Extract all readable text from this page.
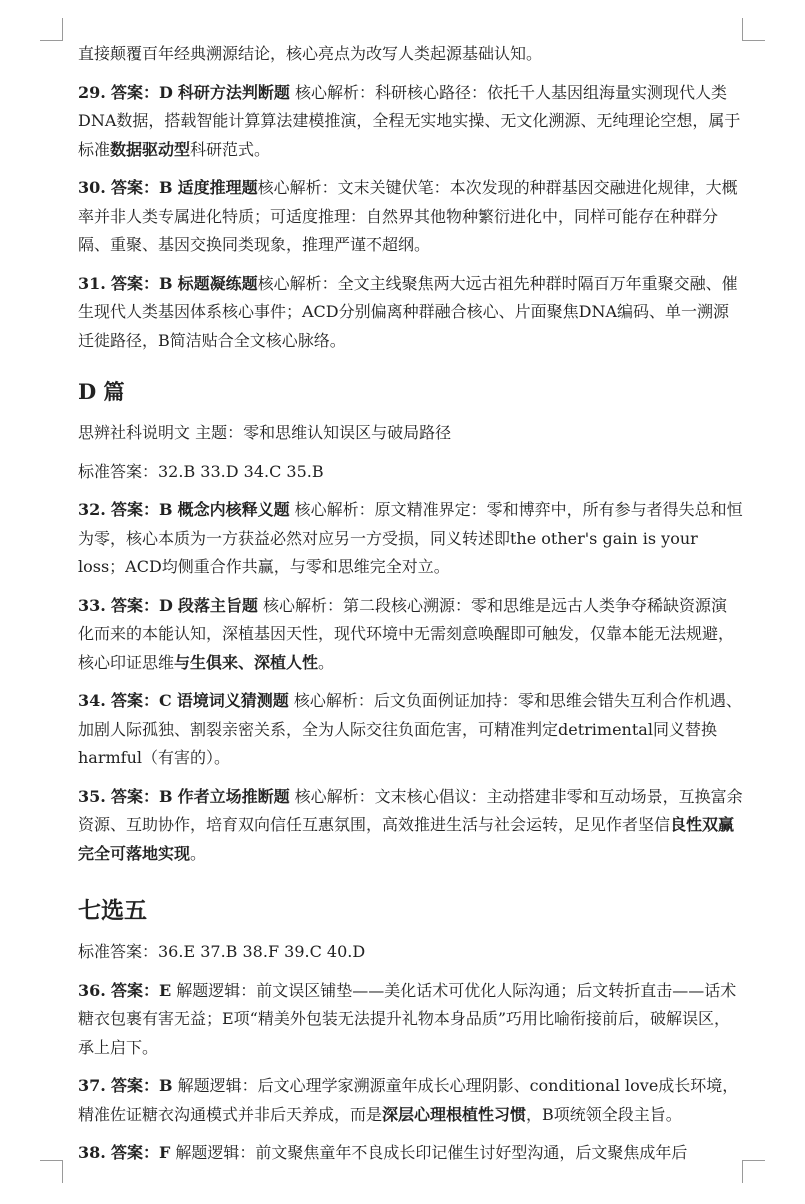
直接颠覆百年经典溯源结论，核心亮点为改写人类起源基础认知。

29. 答案：D 科研方法判断题 核心解析：科研核心路径：依托千人基因组海量实测现代人类DNA数据，搭载智能计算算法建模推演，全程无实地实操、无文化溯源、无纯理论空想，属于标准数据驱动型科研范式。

30. 答案：B 适度推理题核心解析：文末关键伏笔：本次发现的种群基因交融进化规律，大概率并非人类专属进化特质；可适度推理：自然界其他物种繁衍进化中，同样可能存在种群分隔、重聚、基因交换同类现象，推理严谨不超纲。

31. 答案：B 标题凝练题核心解析：全文主线聚焦两大远古祖先种群时隔百万年重聚交融、催生现代人类基因体系核心事件；ACD分别偏离种群融合核心、片面聚焦DNA编码、单一溯源迁徙路径，B简洁贴合全文核心脉络。

D 篇

思辨社科说明文 主题：零和思维认知误区与破局路径

标准答案：32.B 33.D 34.C 35.B

32. 答案：B 概念内核释义题 核心解析：原文精准界定：零和博弈中，所有参与者得失总和恒为零，核心本质为一方获益必然对应另一方受损，同义转述即the other's gain is your loss；ACD均侧重合作共赢，与零和思维完全对立。

33. 答案：D 段落主旨题 核心解析：第二段核心溯源：零和思维是远古人类争夺稀缺资源演化而来的本能认知，深植基因天性，现代环境中无需刻意唤醒即可触发，仅靠本能无法规避，核心印证思维与生俱来、深植人性。

34. 答案：C 语境词义猜测题 核心解析：后文负面例证加持：零和思维会错失互利合作机遇、加剧人际孤独、割裂亲密关系，全为人际交往负面危害，可精准判定detrimental同义替换harmful（有害的）。

35. 答案：B 作者立场推断题 核心解析：文末核心倡议：主动搭建非零和互动场景，互换富余资源、互助协作，培育双向信任互惠氛围，高效推进生活与社会运转，足见作者坚信良性双赢完全可落地实现。

七选五

标准答案：36.E 37.B 38.F 39.C 40.D

36. 答案：E 解题逻辑：前文误区铺垫——美化话术可优化人际沟通；后文转折直击——话术糖衣包裹有害无益；E项“精美外包装无法提升礼物本身品质”巧用比喻衔接前后，破解误区，承上启下。

37. 答案：B 解题逻辑：后文心理学家溯源童年成长心理阴影、conditional love成长环境，精准佐证糖衣沟通模式并非后天养成，而是深层心理根植性习惯，B项统领全段主旨。

38. 答案：F 解题逻辑：前文聚焦童年不良成长印记催生讨好型沟通，后文聚焦成年后
